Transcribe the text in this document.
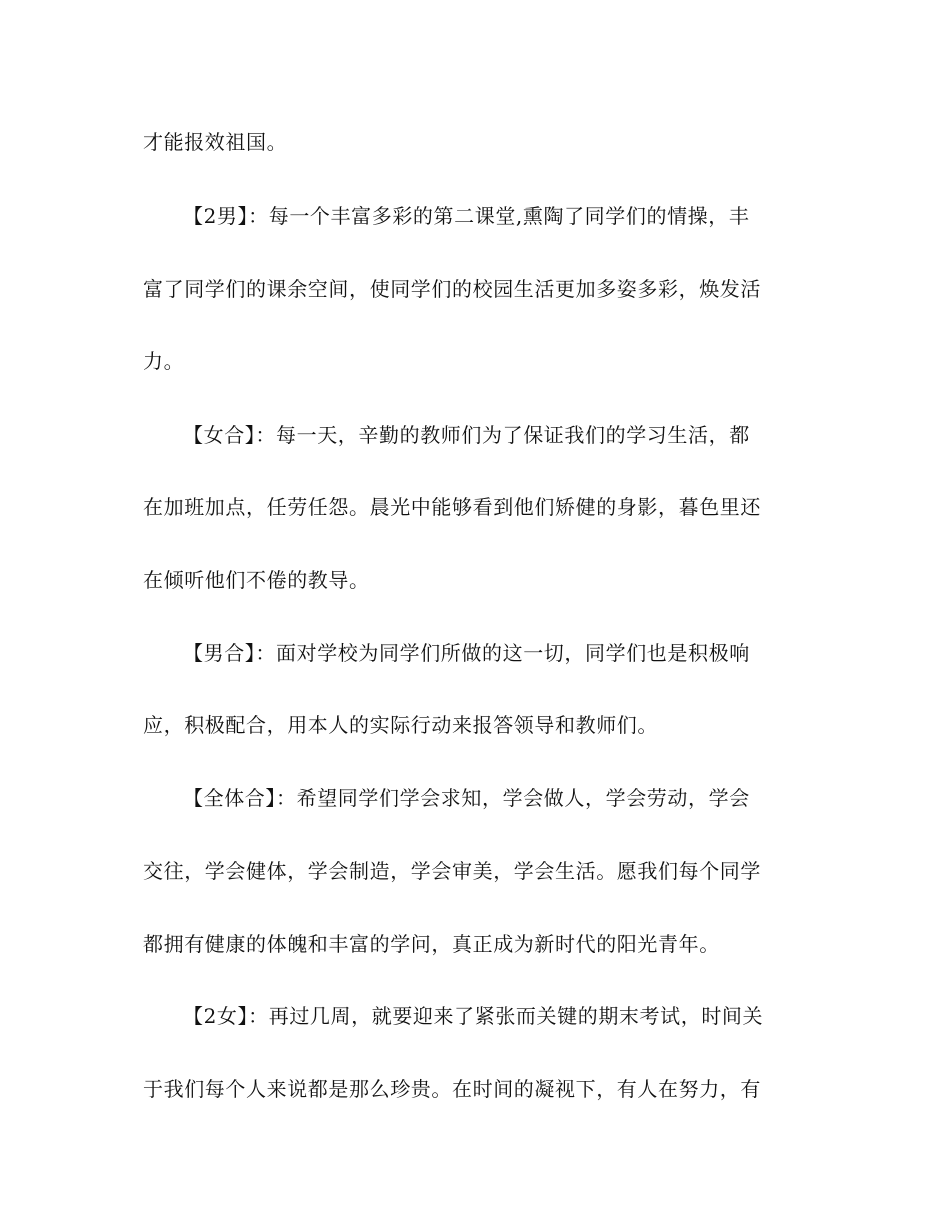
才能报效祖国。
【2男】：每一个丰富多彩的第二课堂,熏陶了同学们的情操，丰
富了同学们的课余空间，使同学们的校园生活更加多姿多彩，焕发活
力。
【女合】：每一天，辛勤的教师们为了保证我们的学习生活，都
在加班加点，任劳任怨。晨光中能够看到他们矫健的身影，暮色里还
在倾听他们不倦的教导。
【男合】：面对学校为同学们所做的这一切，同学们也是积极响
应，积极配合，用本人的实际行动来报答领导和教师们。
【全体合】：希望同学们学会求知，学会做人，学会劳动，学会
交往，学会健体，学会制造，学会审美，学会生活。愿我们每个同学
都拥有健康的体魄和丰富的学问，真正成为新时代的阳光青年。
【2女】：再过几周，就要迎来了紧张而关键的期末考试，时间关
于我们每个人来说都是那么珍贵。在时间的凝视下，有人在努力，有
